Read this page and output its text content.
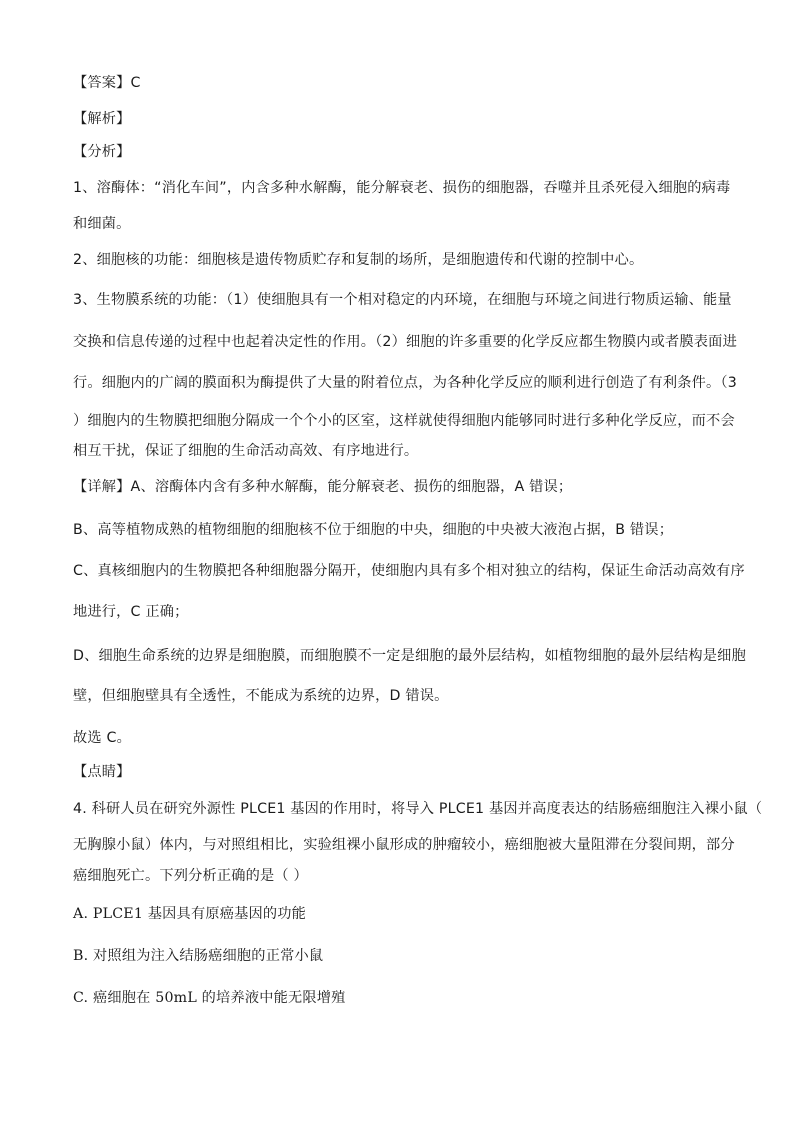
【答案】C
【解析】
【分析】
1、溶酶体：“消化车间”，内含多种水解酶，能分解衰老、损伤的细胞器，吞噬并且杀死侵入细胞的病毒
和细菌。
2、细胞核的功能：细胞核是遗传物质贮存和复制的场所，是细胞遗传和代谢的控制中心。
3、生物膜系统的功能：（1）使细胞具有一个相对稳定的内环境，在细胞与环境之间进行物质运输、能量
交换和信息传递的过程中也起着决定性的作用。（2）细胞的许多重要的化学反应都生物膜内或者膜表面进
行。细胞内的广阔的膜面积为酶提供了大量的附着位点，为各种化学反应的顺利进行创造了有利条件。（3
）细胞内的生物膜把细胞分隔成一个个小的区室，这样就使得细胞内能够同时进行多种化学反应，而不会
相互干扰，保证了细胞的生命活动高效、有序地进行。
【详解】A、溶酶体内含有多种水解酶，能分解衰老、损伤的细胞器，A 错误；
B、高等植物成熟的植物细胞的细胞核不位于细胞的中央，细胞的中央被大液泡占据，B 错误；
C、真核细胞内的生物膜把各种细胞器分隔开，使细胞内具有多个相对独立的结构，保证生命活动高效有序
地进行，C 正确；
D、细胞生命系统的边界是细胞膜，而细胞膜不一定是细胞的最外层结构，如植物细胞的最外层结构是细胞
壁，但细胞壁具有全透性，不能成为系统的边界，D 错误。
故选 C。
【点睛】
4. 科研人员在研究外源性 PLCE1 基因的作用时，将导入 PLCE1 基因并高度表达的结肠癌细胞注入裸小鼠（
无胸腺小鼠）体内，与对照组相比，实验组裸小鼠形成的肿瘤较小，癌细胞被大量阻滞在分裂间期，部分
癌细胞死亡。下列分析正确的是（ ）
A. PLCE1 基因具有原癌基因的功能
B. 对照组为注入结肠癌细胞的正常小鼠
C. 癌细胞在 50mL 的培养液中能无限增殖
